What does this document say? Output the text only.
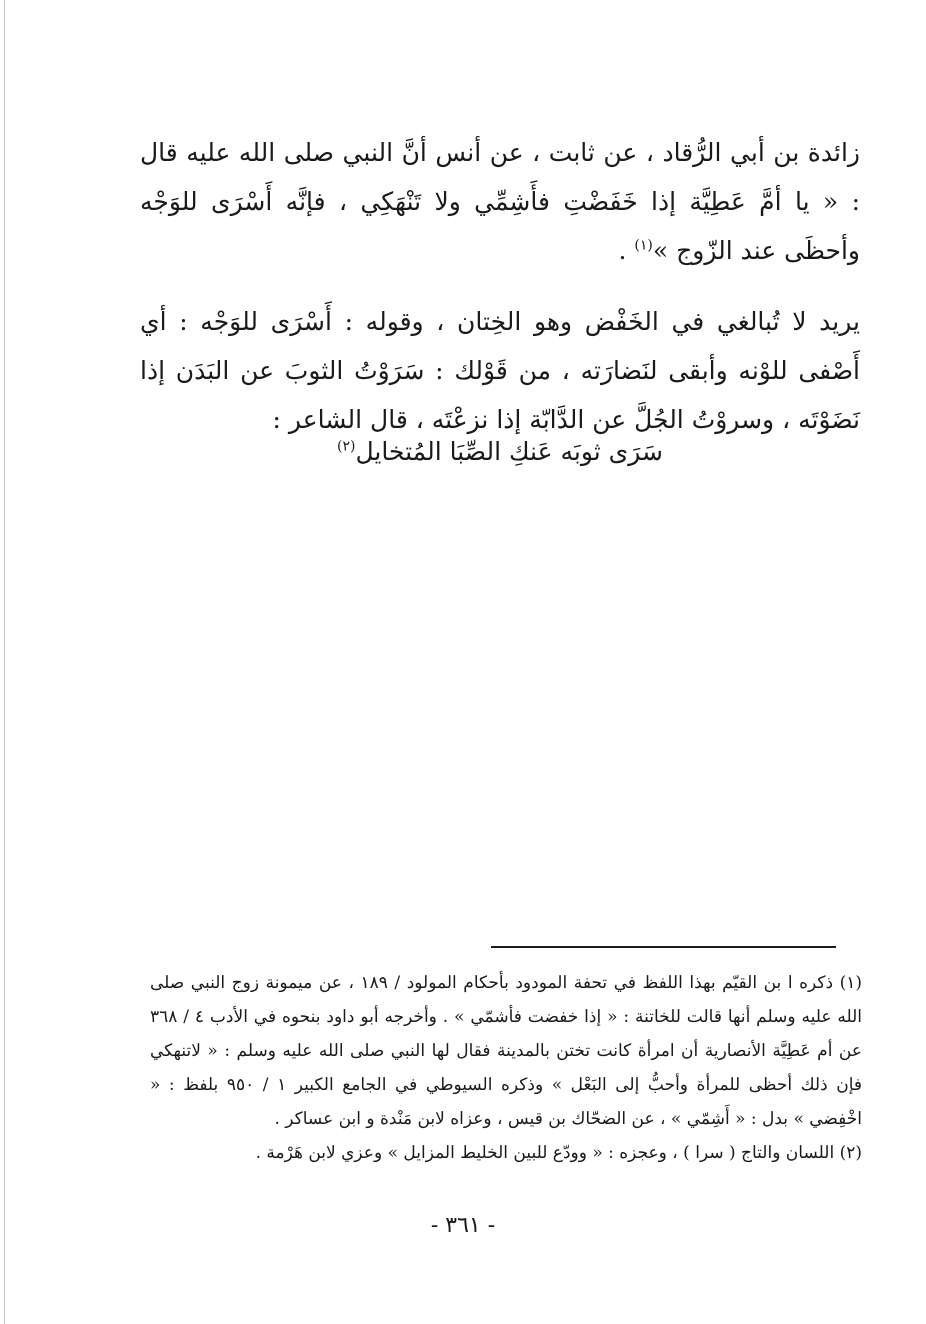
زائدة بن أبي الرُّقاد ، عن ثابت ، عن أنس أنَّ النبي صلى الله عليه قال : « يا أمَّ عَطِيَّة إذا خَفَضْتِ فأَشِمِّي ولا تَنْهَكِي ، فإنَّه أَسْرَى للوَجْه وأحظَى عند الزّوج »$^{(١)}$ .

يريد لا تُبالغي في الخَفْض وهو الخِتان ، وقوله : أَسْرَى للوَجْه : أي أَصْفى للوْنه وأبقى لنَضارَته ، من قَوْلك : سَرَوْتُ الثوبَ عن البَدَن إذا نَضَوْتَه ، وسروْتُ الجُلَّ عن الدَّابّة إذا نزعْتَه ، قال الشاعر :

سَرَى ثوبَه عَنكِ الصِّبَا المُتخايل$^{(٢)}$

(١) ذكره ا بن القيّم بهذا اللفظ في تحفة المودود بأحكام المولود / ١٨٩ ، عن ميمونة زوج النبي صلى الله عليه وسلم أنها قالت للخاتنة : « إذا خفضت فأشمّي » . وأخرجه أبو داود بنحوه في الأدب ٤ / ٣٦٨ عن أم عَطِيَّة الأنصارية أن امرأة كانت تختن بالمدينة فقال لها النبي صلى الله عليه وسلم : « لاتنهكي فإن ذلك أحظى للمرأة وأحبُّ إلى البَعْل » وذكره السيوطي في الجامع الكبير ١ / ٩٥٠ بلفظ : « اخْفِضي » بدل : « أَشِمّي » ، عن الضحّاك بن قيس ، وعزاه لابن مَنْدة و ابن عساكر .

(٢) اللسان والتاج ( سرا ) ، وعجزه : « وودّع للبين الخليط المزايل » وعزي لابن هَرْمة .

- ٣٦١ -
